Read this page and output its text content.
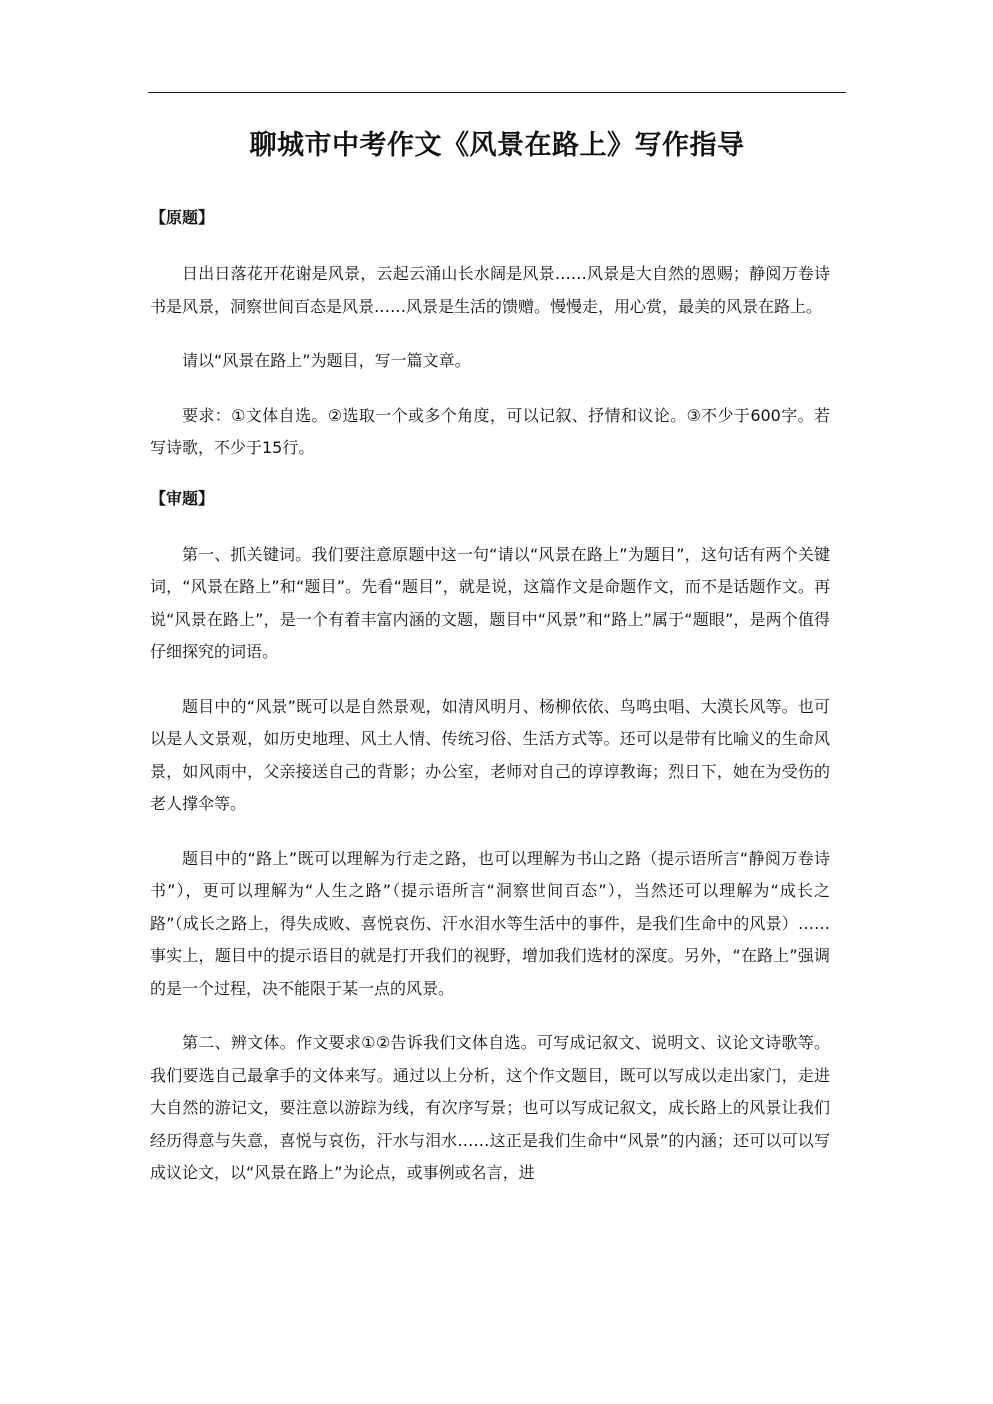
聊城市中考作文《风景在路上》写作指导
【原题】

日出日落花开花谢是风景，云起云涌山长水阔是风景……风景是大自然的恩赐；静阅万卷诗书是风景，洞察世间百态是风景……风景是生活的馈赠。慢慢走，用心赏，最美的风景在路上。

请以“风景在路上”为题目，写一篇文章。

要求：①文体自选。②选取一个或多个角度，可以记叙、抒情和议论。③不少于600字。若写诗歌，不少于15行。

【审题】

第一、抓关键词。我们要注意原题中这一句“请以“风景在路上”为题目”，这句话有两个关键词，“风景在路上”和“题目”。先看“题目”，就是说，这篇作文是命题作文，而不是话题作文。再说“风景在路上”，是一个有着丰富内涵的文题，题目中“风景”和“路上”属于“题眼”，是两个值得仔细探究的词语。

题目中的“风景”既可以是自然景观，如清风明月、杨柳依依、鸟鸣虫唱、大漠长风等。也可以是人文景观，如历史地理、风土人情、传统习俗、生活方式等。还可以是带有比喻义的生命风景，如风雨中，父亲接送自己的背影；办公室，老师对自己的谆谆教诲；烈日下，她在为受伤的老人撑伞等。

题目中的“路上”既可以理解为行走之路，也可以理解为书山之路（提示语所言“静阅万卷诗书”），更可以理解为“人生之路”（提示语所言“洞察世间百态”），当然还可以理解为“成长之路”（成长之路上，得失成败、喜悦哀伤、汗水泪水等生活中的事件，是我们生命中的风景）……事实上，题目中的提示语目的就是打开我们的视野，增加我们选材的深度。另外，“在路上”强调的是一个过程，决不能限于某一点的风景。

第二、辨文体。作文要求①②告诉我们文体自选。可写成记叙文、说明文、议论文诗歌等。我们要选自己最拿手的文体来写。通过以上分析，这个作文题目，既可以写成以走出家门，走进大自然的游记文，要注意以游踪为线，有次序写景；也可以写成记叙文，成长路上的风景让我们经历得意与失意，喜悦与哀伤，汗水与泪水……这正是我们生命中“风景”的内涵；还可以可以写成议论文，以“风景在路上”为论点，或事例或名言，进
